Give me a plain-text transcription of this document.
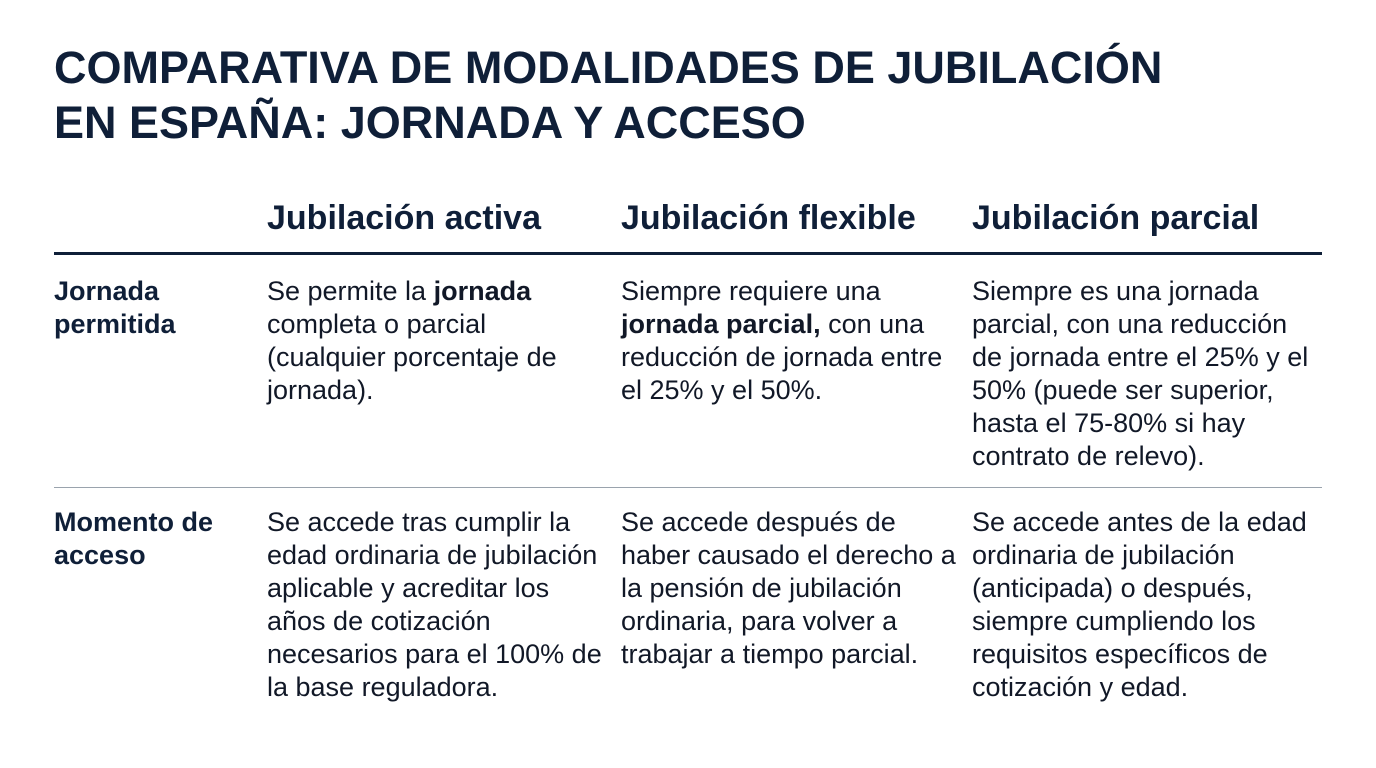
COMPARATIVA DE MODALIDADES DE JUBILACIÓN
EN ESPAÑA: JORNADA Y ACCESO
Jubilación activa Jubilación flexible Jubilación parcial
Jornada permitida
Se permite la jornada completa o parcial (cualquier porcentaje de jornada).
Siempre requiere una jornada parcial, con una reducción de jornada entre el 25% y el 50%.
Siempre es una jornada parcial, con una reducción de jornada entre el 25% y el 50% (puede ser superior, hasta el 75-80% si hay contrato de relevo).
Momento de acceso
Se accede tras cumplir la edad ordinaria de jubilación aplicable y acreditar los años de cotización necesarios para el 100% de la base reguladora.
Se accede después de haber causado el derecho a la pensión de jubilación ordinaria, para volver a trabajar a tiempo parcial.
Se accede antes de la edad ordinaria de jubilación (anticipada) o después, siempre cumpliendo los requisitos específicos de cotización y edad.
